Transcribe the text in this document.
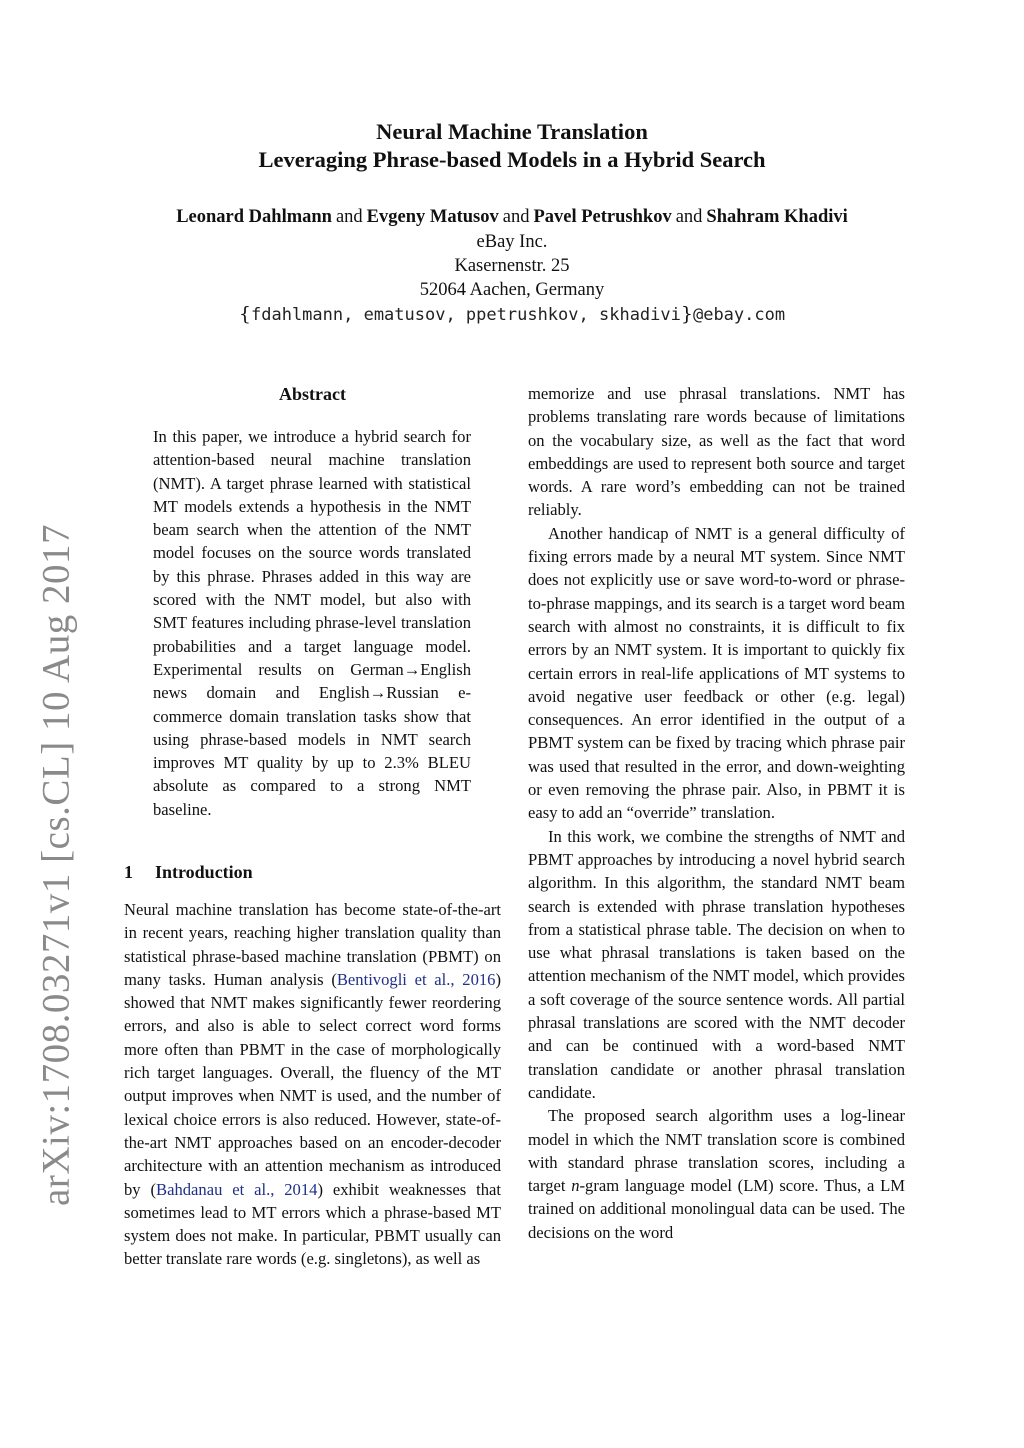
Neural Machine Translation
Leveraging Phrase-based Models in a Hybrid Search
Leonard Dahlmann and Evgeny Matusov and Pavel Petrushkov and Shahram Khadivi
eBay Inc.
Kasernenstr. 25
52064 Aachen, Germany
{fdahlmann, ematusov, ppetrushkov, skhadivi}@ebay.com
arXiv:1708.03271v1 [cs.CL] 10 Aug 2017
Abstract

In this paper, we introduce a hybrid search for attention-based neural machine translation (NMT). A target phrase learned with statistical MT models extends a hypothesis in the NMT beam search when the attention of the NMT model focuses on the source words translated by this phrase. Phrases added in this way are scored with the NMT model, but also with SMT features including phrase-level translation probabilities and a target language model. Experimental results on German→English news domain and English→Russian e-commerce domain translation tasks show that using phrase-based models in NMT search improves MT quality by up to 2.3% BLEU absolute as compared to a strong NMT baseline.

1 Introduction

Neural machine translation has become state-of-the-art in recent years, reaching higher translation quality than statistical phrase-based machine translation (PBMT) on many tasks. Human analysis (Bentivogli et al., 2016) showed that NMT makes significantly fewer reordering errors, and also is able to select correct word forms more often than PBMT in the case of morphologically rich target languages. Overall, the fluency of the MT output improves when NMT is used, and the number of lexical choice errors is also reduced. However, state-of-the-art NMT approaches based on an encoder-decoder architecture with an attention mechanism as introduced by (Bahdanau et al., 2014) exhibit weaknesses that sometimes lead to MT errors which a phrase-based MT system does not make. In particular, PBMT usually can better translate rare words (e.g. singletons), as well as

memorize and use phrasal translations. NMT has problems translating rare words because of limitations on the vocabulary size, as well as the fact that word embeddings are used to represent both source and target words. A rare word’s embedding can not be trained reliably.

Another handicap of NMT is a general difficulty of fixing errors made by a neural MT system. Since NMT does not explicitly use or save word-to-word or phrase-to-phrase mappings, and its search is a target word beam search with almost no constraints, it is difficult to fix errors by an NMT system. It is important to quickly fix certain errors in real-life applications of MT systems to avoid negative user feedback or other (e.g. legal) consequences. An error identified in the output of a PBMT system can be fixed by tracing which phrase pair was used that resulted in the error, and down-weighting or even removing the phrase pair. Also, in PBMT it is easy to add an “override” translation.

In this work, we combine the strengths of NMT and PBMT approaches by introducing a novel hybrid search algorithm. In this algorithm, the standard NMT beam search is extended with phrase translation hypotheses from a statistical phrase table. The decision on when to use what phrasal translations is taken based on the attention mechanism of the NMT model, which provides a soft coverage of the source sentence words. All partial phrasal translations are scored with the NMT decoder and can be continued with a word-based NMT translation candidate or another phrasal translation candidate.

The proposed search algorithm uses a log-linear model in which the NMT translation score is combined with standard phrase translation scores, including a target n-gram language model (LM) score. Thus, a LM trained on additional monolingual data can be used. The decisions on the word
